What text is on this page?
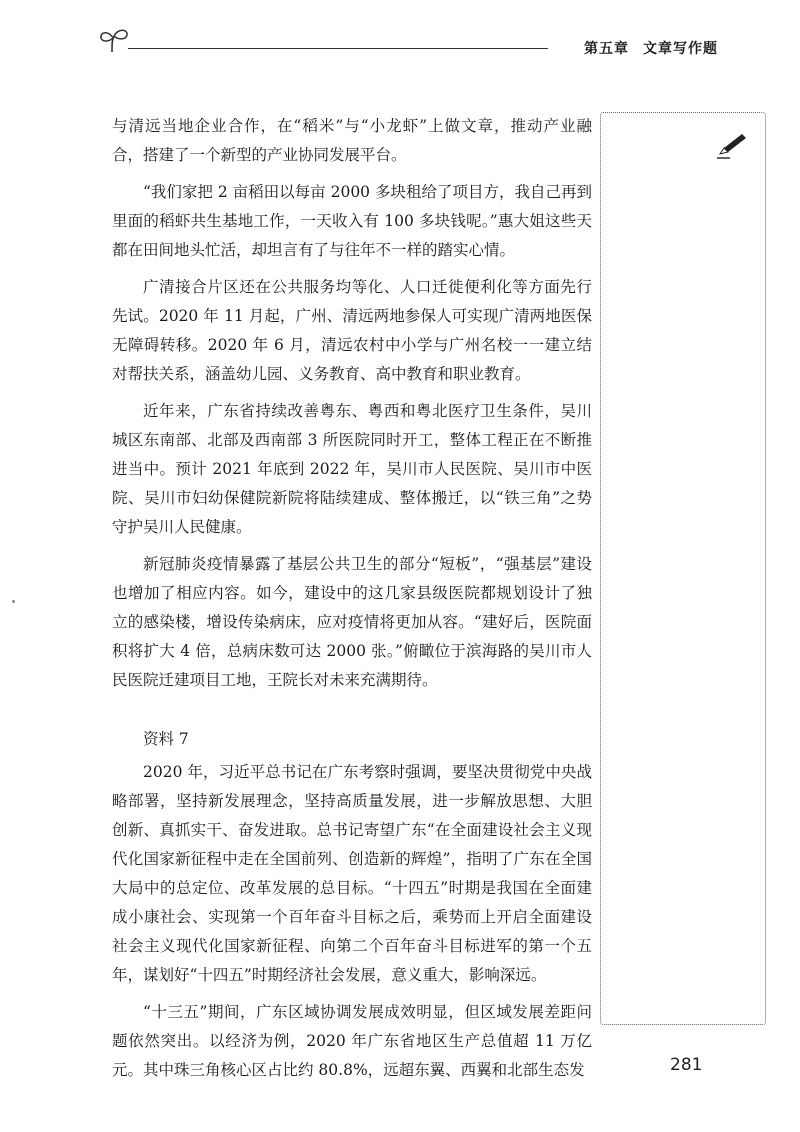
第五章 文章写作题

与清远当地企业合作，在“稻米”与“小龙虾”上做文章，推动产业融合，搭建了一个新型的产业协同发展平台。

“我们家把 2 亩稻田以每亩 2000 多块租给了项目方，我自己再到里面的稻虾共生基地工作，一天收入有 100 多块钱呢。”惠大姐这些天都在田间地头忙活，却坦言有了与往年不一样的踏实心情。

广清接合片区还在公共服务均等化、人口迁徙便利化等方面先行先试。2020 年 11 月起，广州、清远两地参保人可实现广清两地医保无障碍转移。2020 年 6 月，清远农村中小学与广州名校一一建立结对帮扶关系，涵盖幼儿园、义务教育、高中教育和职业教育。

近年来，广东省持续改善粤东、粤西和粤北医疗卫生条件，吴川城区东南部、北部及西南部 3 所医院同时开工，整体工程正在不断推进当中。预计 2021 年底到 2022 年，吴川市人民医院、吴川市中医院、吴川市妇幼保健院新院将陆续建成、整体搬迁，以“铁三角”之势守护吴川人民健康。

新冠肺炎疫情暴露了基层公共卫生的部分“短板”，“强基层”建设也增加了相应内容。如今，建设中的这几家县级医院都规划设计了独立的感染楼，增设传染病床，应对疫情将更加从容。“建好后，医院面积将扩大 4 倍，总病床数可达 2000 张。”俯瞰位于滨海路的吴川市人民医院迁建项目工地，王院长对未来充满期待。

资料 7

2020 年，习近平总书记在广东考察时强调，要坚决贯彻党中央战略部署，坚持新发展理念，坚持高质量发展，进一步解放思想、大胆创新、真抓实干、奋发进取。总书记寄望广东“在全面建设社会主义现代化国家新征程中走在全国前列、创造新的辉煌”，指明了广东在全国大局中的总定位、改革发展的总目标。“十四五”时期是我国在全面建成小康社会、实现第一个百年奋斗目标之后，乘势而上开启全面建设社会主义现代化国家新征程、向第二个百年奋斗目标进军的第一个五年，谋划好“十四五”时期经济社会发展，意义重大，影响深远。

“十三五”期间，广东区域协调发展成效明显，但区域发展差距问题依然突出。以经济为例，2020 年广东省地区生产总值超 11 万亿元。其中珠三角核心区占比约 80.8%，远超东翼、西翼和北部生态发	281
